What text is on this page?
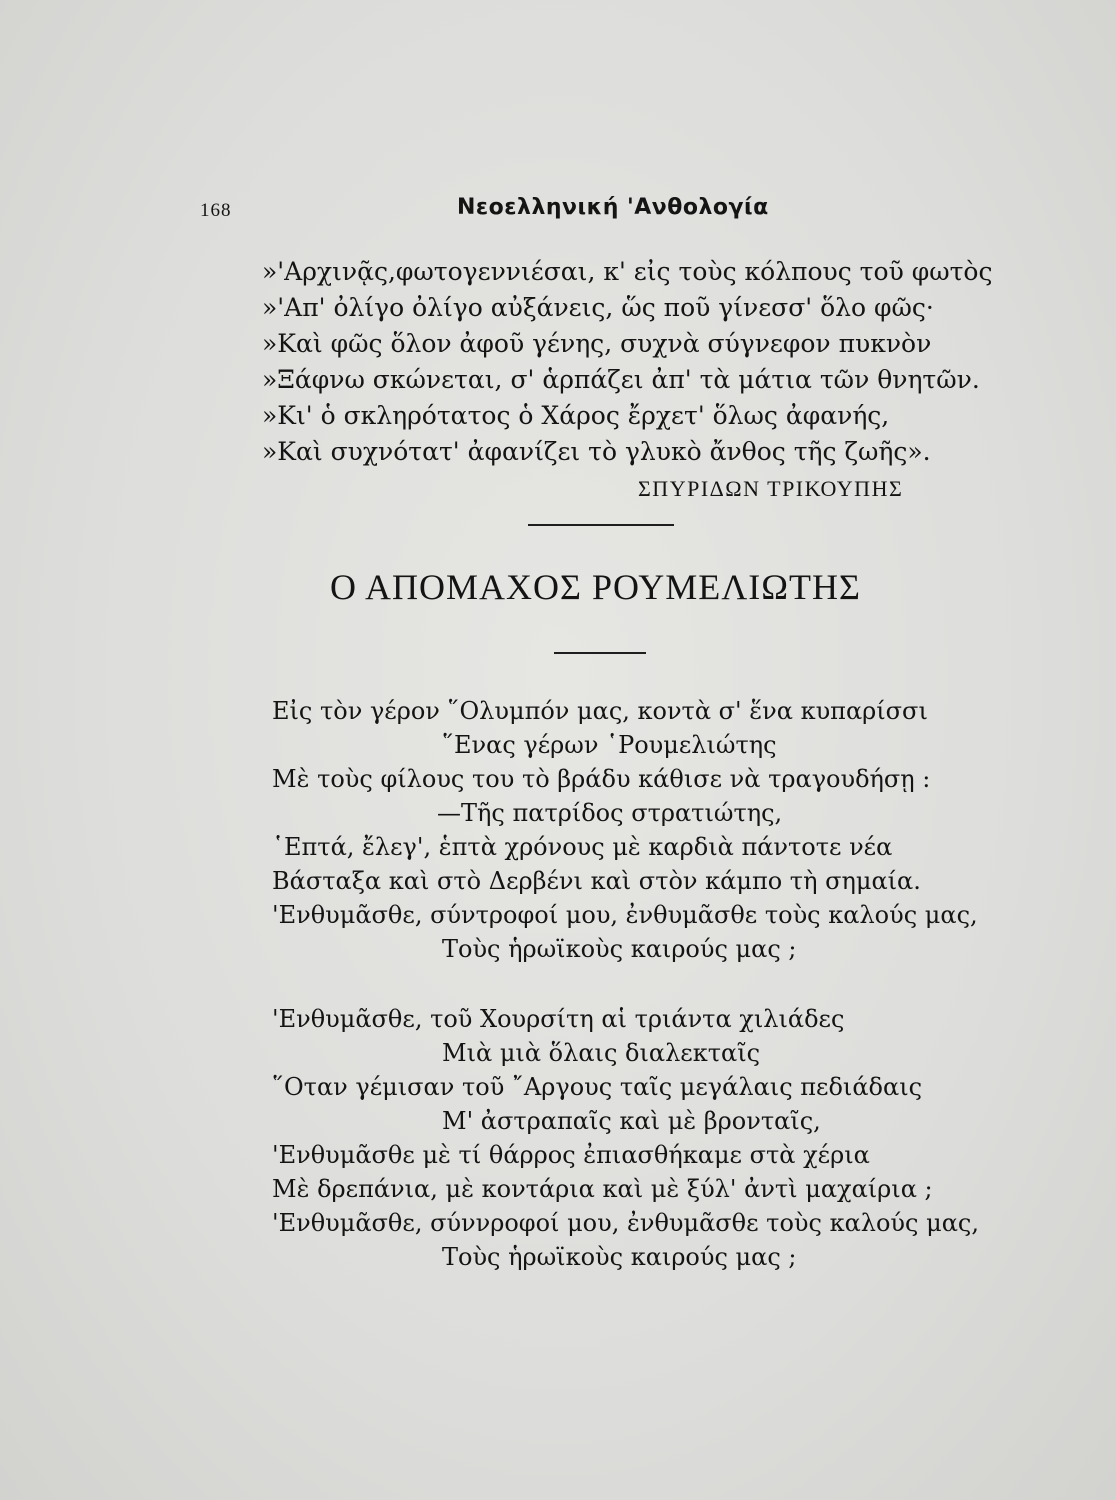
168	Νεοελληνική 'Ανθολογία
»'Αρχινᾷς,φωτογεννιέσαι, κ' εἰς τοὺς κόλπους τοῦ φωτὸς
»'Απ' ὀλίγο ὀλίγο αὐξάνεις, ὥς ποῦ γίνεσσ' ὅλο φῶς·
»Καὶ φῶς ὅλον ἀφοῦ γένης, συχνὰ σύγνεφον πυκνὸν
»Ξάφνω σκώνεται, σ' ἁρπάζει ἀπ' τὰ μάτια τῶν θνητῶν.
»Κι' ὁ σκληρότατος ὁ Χάρος ἔρχετ' ὅλως ἀφανής,
»Καὶ συχνότατ' ἀφανίζει τὸ γλυκὸ ἄνθος τῆς ζωῆς».
ΣΠΥΡΙΔΩΝ ΤΡΙΚΟΥΠΗΣ
Ο ΑΠΟΜΑΧΟΣ ΡΟΥΜΕΛΙΩΤΗΣ
Εἰς τὸν γέρον ῞Ολυμπόν μας, κοντὰ σ' ἕνα κυπαρίσσι
῞Ενας γέρων ῾Ρουμελιώτης
Μὲ τοὺς φίλους του τὸ βράδυ κάθισε νὰ τραγουδήσῃ :
—Τῆς πατρίδος στρατιώτης,
῾Επτά, ἔλεγ', ἑπτὰ χρόνους μὲ καρδιὰ πάντοτε νέα
Βάσταξα καὶ στὸ Δερβένι καὶ στὸν κάμπο τὴ σημαία.
'Ενθυμᾶσθε, σύντροφοί μου, ἐνθυμᾶσθε τοὺς καλούς μας,
Τοὺς ἡρωϊκοὺς καιρούς μας ;
'Ενθυμᾶσθε, τοῦ Χουρσίτη αἱ τριάντα χιλιάδες
Μιὰ μιὰ ὅλαις διαλεκταῖς
῞Οταν γέμισαν τοῦ ῎Αργους ταῖς μεγάλαις πεδιάδαις
Μ' ἀστραπαῖς καὶ μὲ βρονταῖς,
'Ενθυμᾶσθε μὲ τί θάρρος ἐπιασθήκαμε στὰ χέρια
Μὲ δρεπάνια, μὲ κοντάρια καὶ μὲ ξύλ' ἀντὶ μαχαίρια ;
'Ενθυμᾶσθε, σύννροφοί μου, ἐνθυμᾶσθε τοὺς καλούς μας,
Τοὺς ἡρωϊκοὺς καιρούς μας ;
